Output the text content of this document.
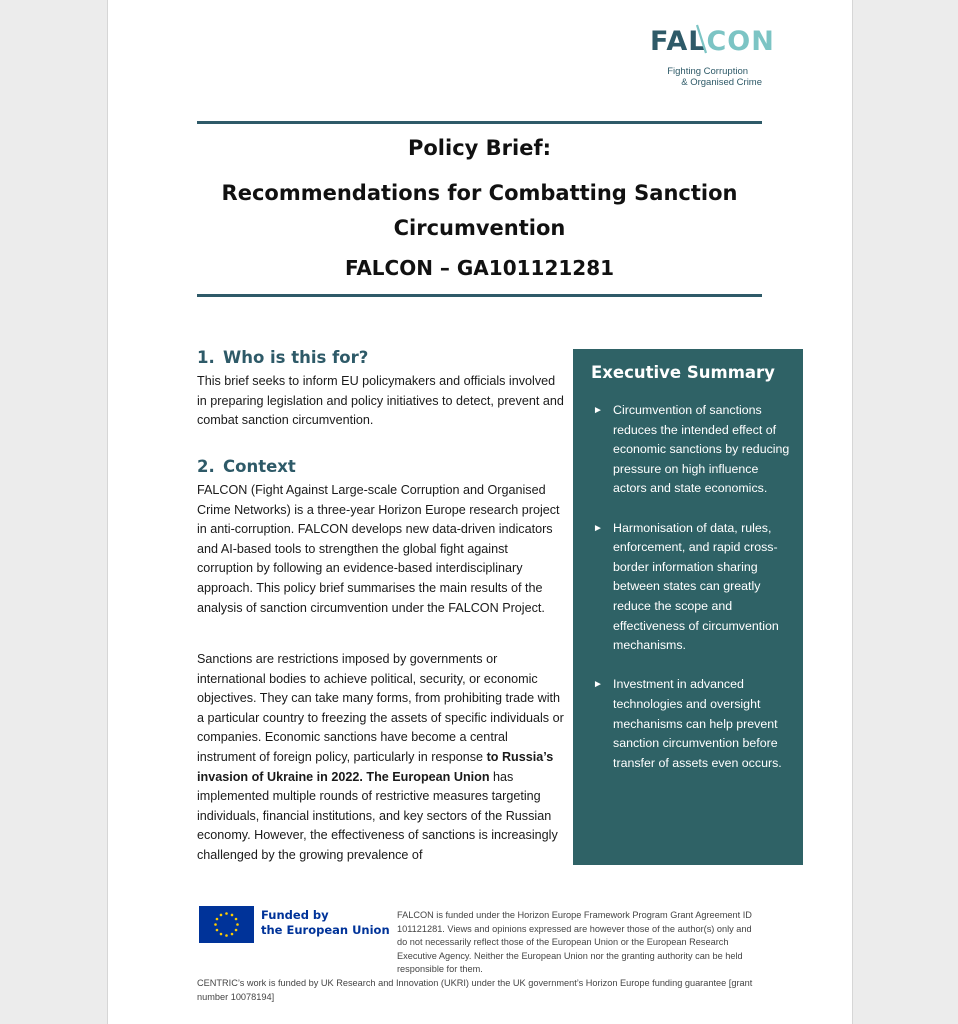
FALCON
Fighting Corruption
& Organised Crime
Policy Brief:
Recommendations for Combatting Sanction Circumvention
FALCON – GA101121281
1. Who is this for?
This brief seeks to inform EU policymakers and officials involved in preparing legislation and policy initiatives to detect, prevent and combat sanction circumvention.
2. Context
FALCON (Fight Against Large-scale Corruption and Organised Crime Networks) is a three-year Horizon Europe research project in anti-corruption. FALCON develops new data-driven indicators and AI-based tools to strengthen the global fight against corruption by following an evidence-based interdisciplinary approach. This policy brief summarises the main results of the analysis of sanction circumvention under the FALCON Project.
Sanctions are restrictions imposed by governments or international bodies to achieve political, security, or economic objectives. They can take many forms, from prohibiting trade with a particular country to freezing the assets of specific individuals or companies. Economic sanctions have become a central instrument of foreign policy, particularly in response to Russia’s invasion of Ukraine in 2022. The European Union has implemented multiple rounds of restrictive measures targeting individuals, financial institutions, and key sectors of the Russian economy. However, the effectiveness of sanctions is increasingly challenged by the growing prevalence of
Executive Summary
► Circumvention of sanctions reduces the intended effect of economic sanctions by reducing pressure on high influence actors and state economics.
► Harmonisation of data, rules, enforcement, and rapid cross-border information sharing between states can greatly reduce the scope and effectiveness of circumvention mechanisms.
► Investment in advanced technologies and oversight mechanisms can help prevent sanction circumvention before transfer of assets even occurs.
Funded by
the European Union
FALCON is funded under the Horizon Europe Framework Program Grant Agreement ID 101121281. Views and opinions expressed are however those of the author(s) only and do not necessarily reflect those of the European Union or the European Research Executive Agency. Neither the European Union nor the granting authority can be held responsible for them.
CENTRIC’s work is funded by UK Research and Innovation (UKRI) under the UK government’s Horizon Europe funding guarantee [grant number 10078194]
